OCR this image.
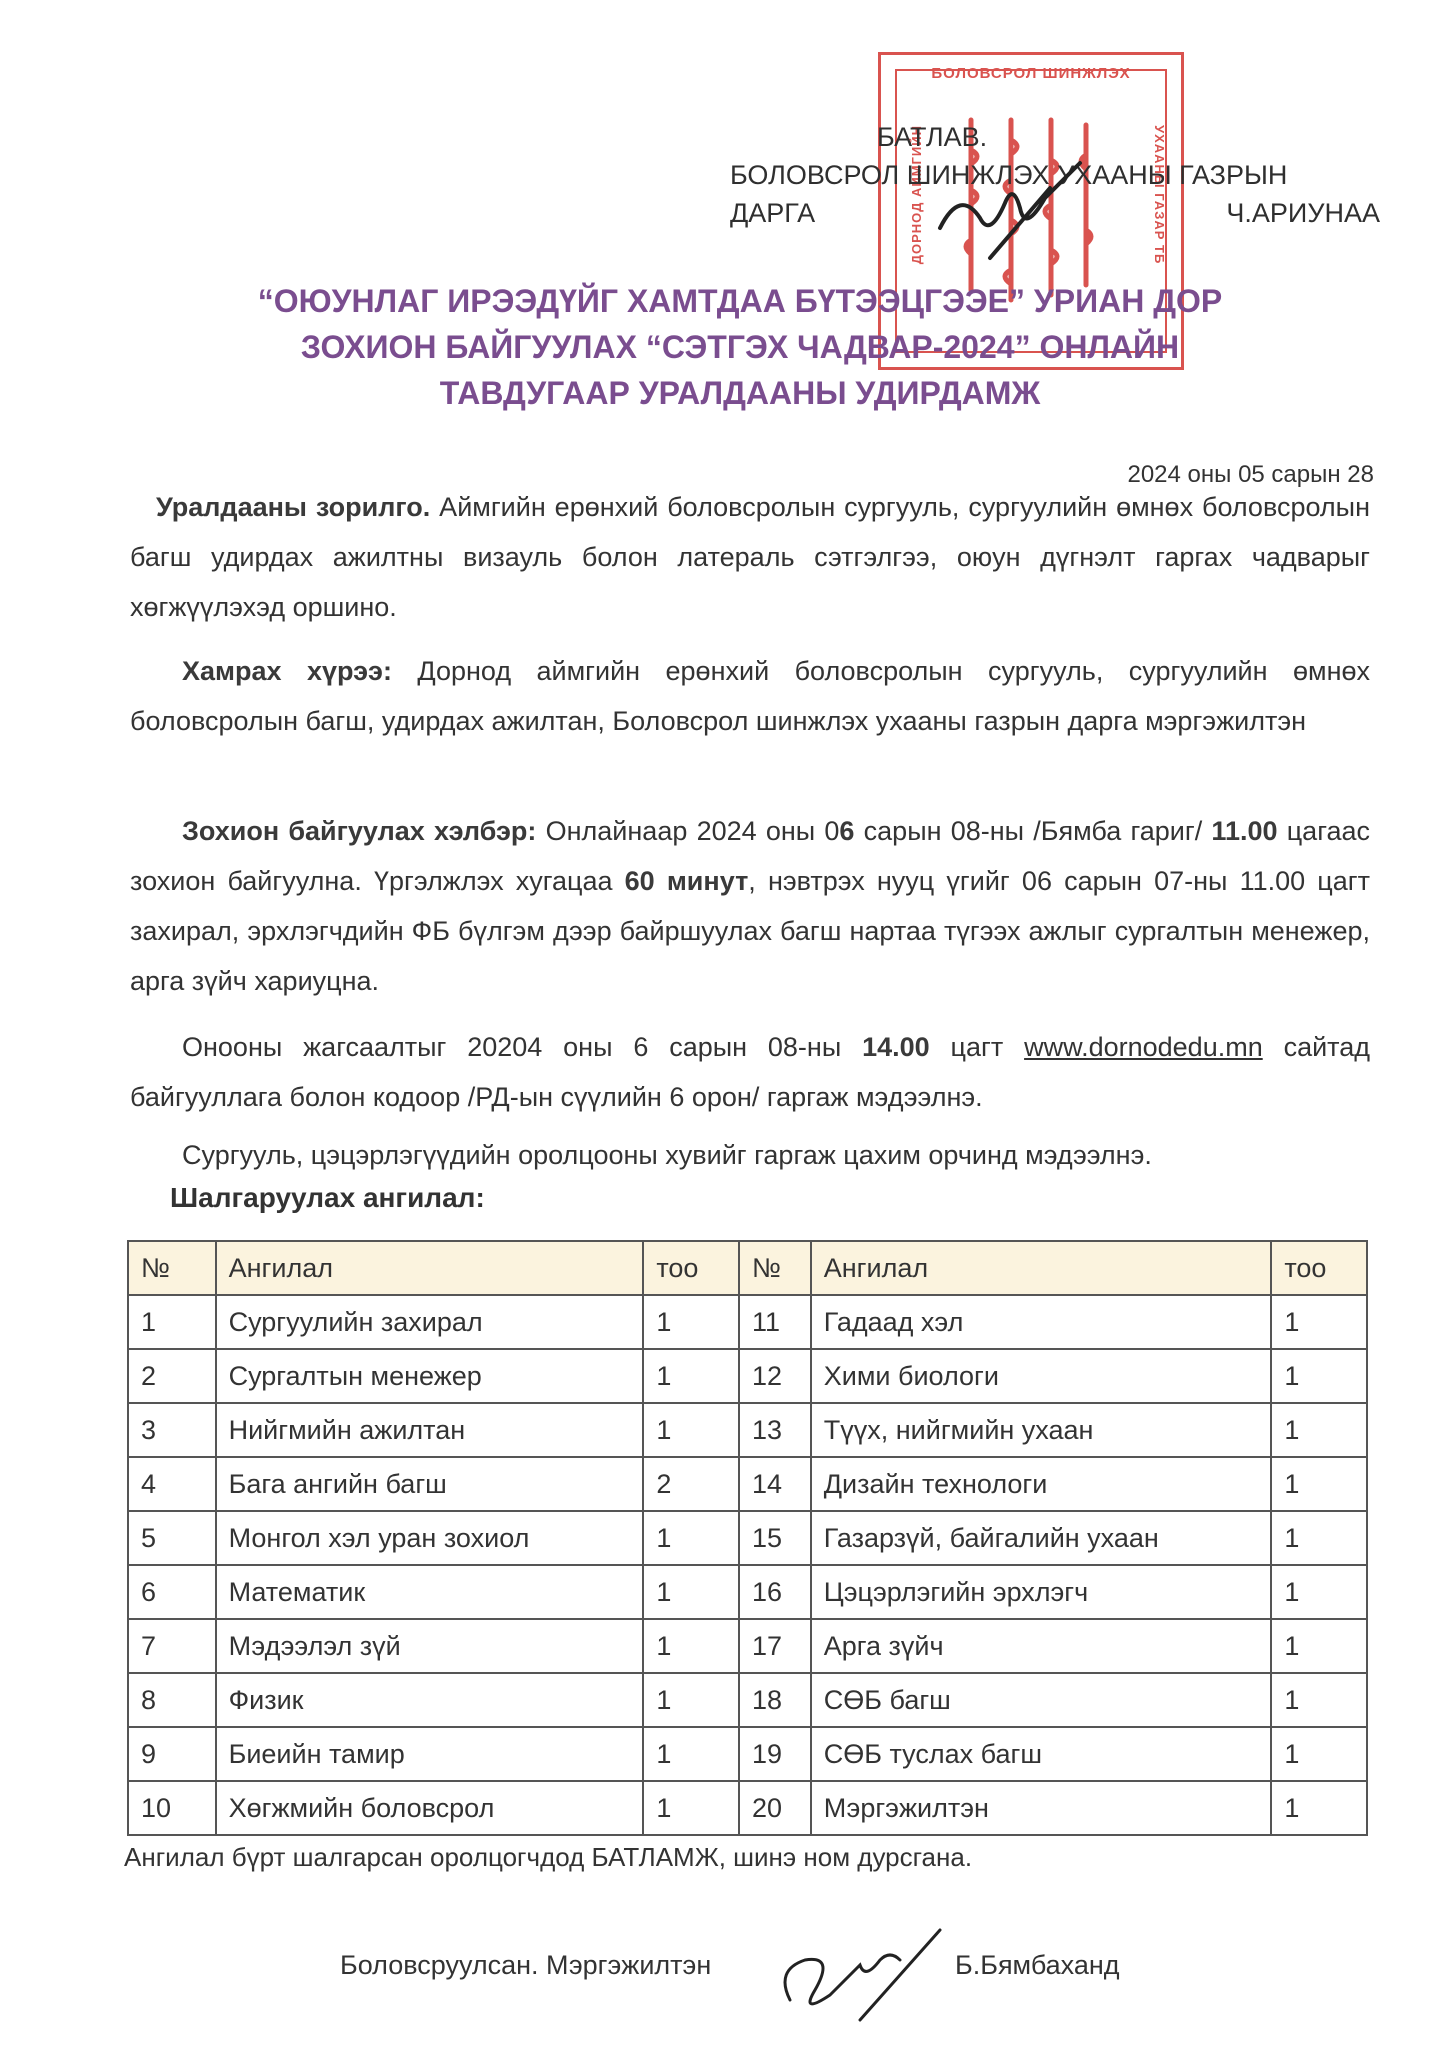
БОЛОВСРОЛ ШИНЖЛЭХ
ДОРНОД АЙМГИЙН	УХААНЫ ГАЗАР ТБ
БАТЛАВ.
БОЛОВСРОЛ ШИНЖЛЭХ УХААНЫ ГАЗРЫН
ДАРГА	Ч.АРИУНАА
“ОЮУНЛАГ ИРЭЭДҮЙГ ХАМТДАА БҮТЭЭЦГЭЭЕ” УРИАН ДОР
ЗОХИОН БАЙГУУЛАХ “СЭТГЭХ ЧАДВАР-2024” ОНЛАЙН
ТАВДУГААР УРАЛДААНЫ УДИРДАМЖ
2024 оны 05 сарын 28
Уралдааны зорилго. Аймгийн ерөнхий боловсролын сургууль, сургуулийн өмнөх боловсролын багш удирдах ажилтны визауль болон латераль сэтгэлгээ, оюун дүгнэлт гаргах чадварыг хөгжүүлэхэд оршино.
Хамрах хүрээ: Дорнод аймгийн ерөнхий боловсролын сургууль, сургуулийн өмнөх боловсролын багш, удирдах ажилтан, Боловсрол шинжлэх ухааны газрын дарга мэргэжилтэн
Зохион байгуулах хэлбэр: Онлайнаар 2024 оны 06 сарын 08-ны /Бямба гариг/ 11.00 цагаас зохион байгуулна. Үргэлжлэх хугацаа 60 минут, нэвтрэх нууц үгийг 06 сарын 07-ны 11.00 цагт захирал, эрхлэгчдийн ФБ бүлгэм дээр байршуулах багш нартаа түгээх ажлыг сургалтын менежер, арга зүйч хариуцна.
Онооны жагсаалтыг 20204 оны 6 сарын 08-ны 14.00 цагт www.dornodedu.mn сайтад байгууллага болон кодоор /РД-ын сүүлийн 6 орон/ гаргаж мэдээлнэ.
Сургууль, цэцэрлэгүүдийн оролцооны хувийг гаргаж цахим орчинд мэдээлнэ.
Шалгаруулах ангилал:
№	Ангилал	тоо	№	Ангилал	тоо
1	Сургуулийн захирал	1	11	Гадаад хэл	1
2	Сургалтын менежер	1	12	Хими биологи	1
3	Нийгмийн ажилтан	1	13	Түүх, нийгмийн ухаан	1
4	Бага ангийн багш	2	14	Дизайн технологи	1
5	Монгол хэл уран зохиол	1	15	Газарзүй, байгалийн ухаан	1
6	Математик	1	16	Цэцэрлэгийн эрхлэгч	1
7	Мэдээлэл зүй	1	17	Арга зүйч	1
8	Физик	1	18	СӨБ багш	1
9	Биеийн тамир	1	19	СӨБ туслах багш	1
10	Хөгжмийн боловсрол	1	20	Мэргэжилтэн	1
Ангилал бүрт шалгарсан оролцогчдод БАТЛАМЖ, шинэ ном дурсгана.
Боловсруулсан. Мэргэжилтэн	Б.Бямбаханд
